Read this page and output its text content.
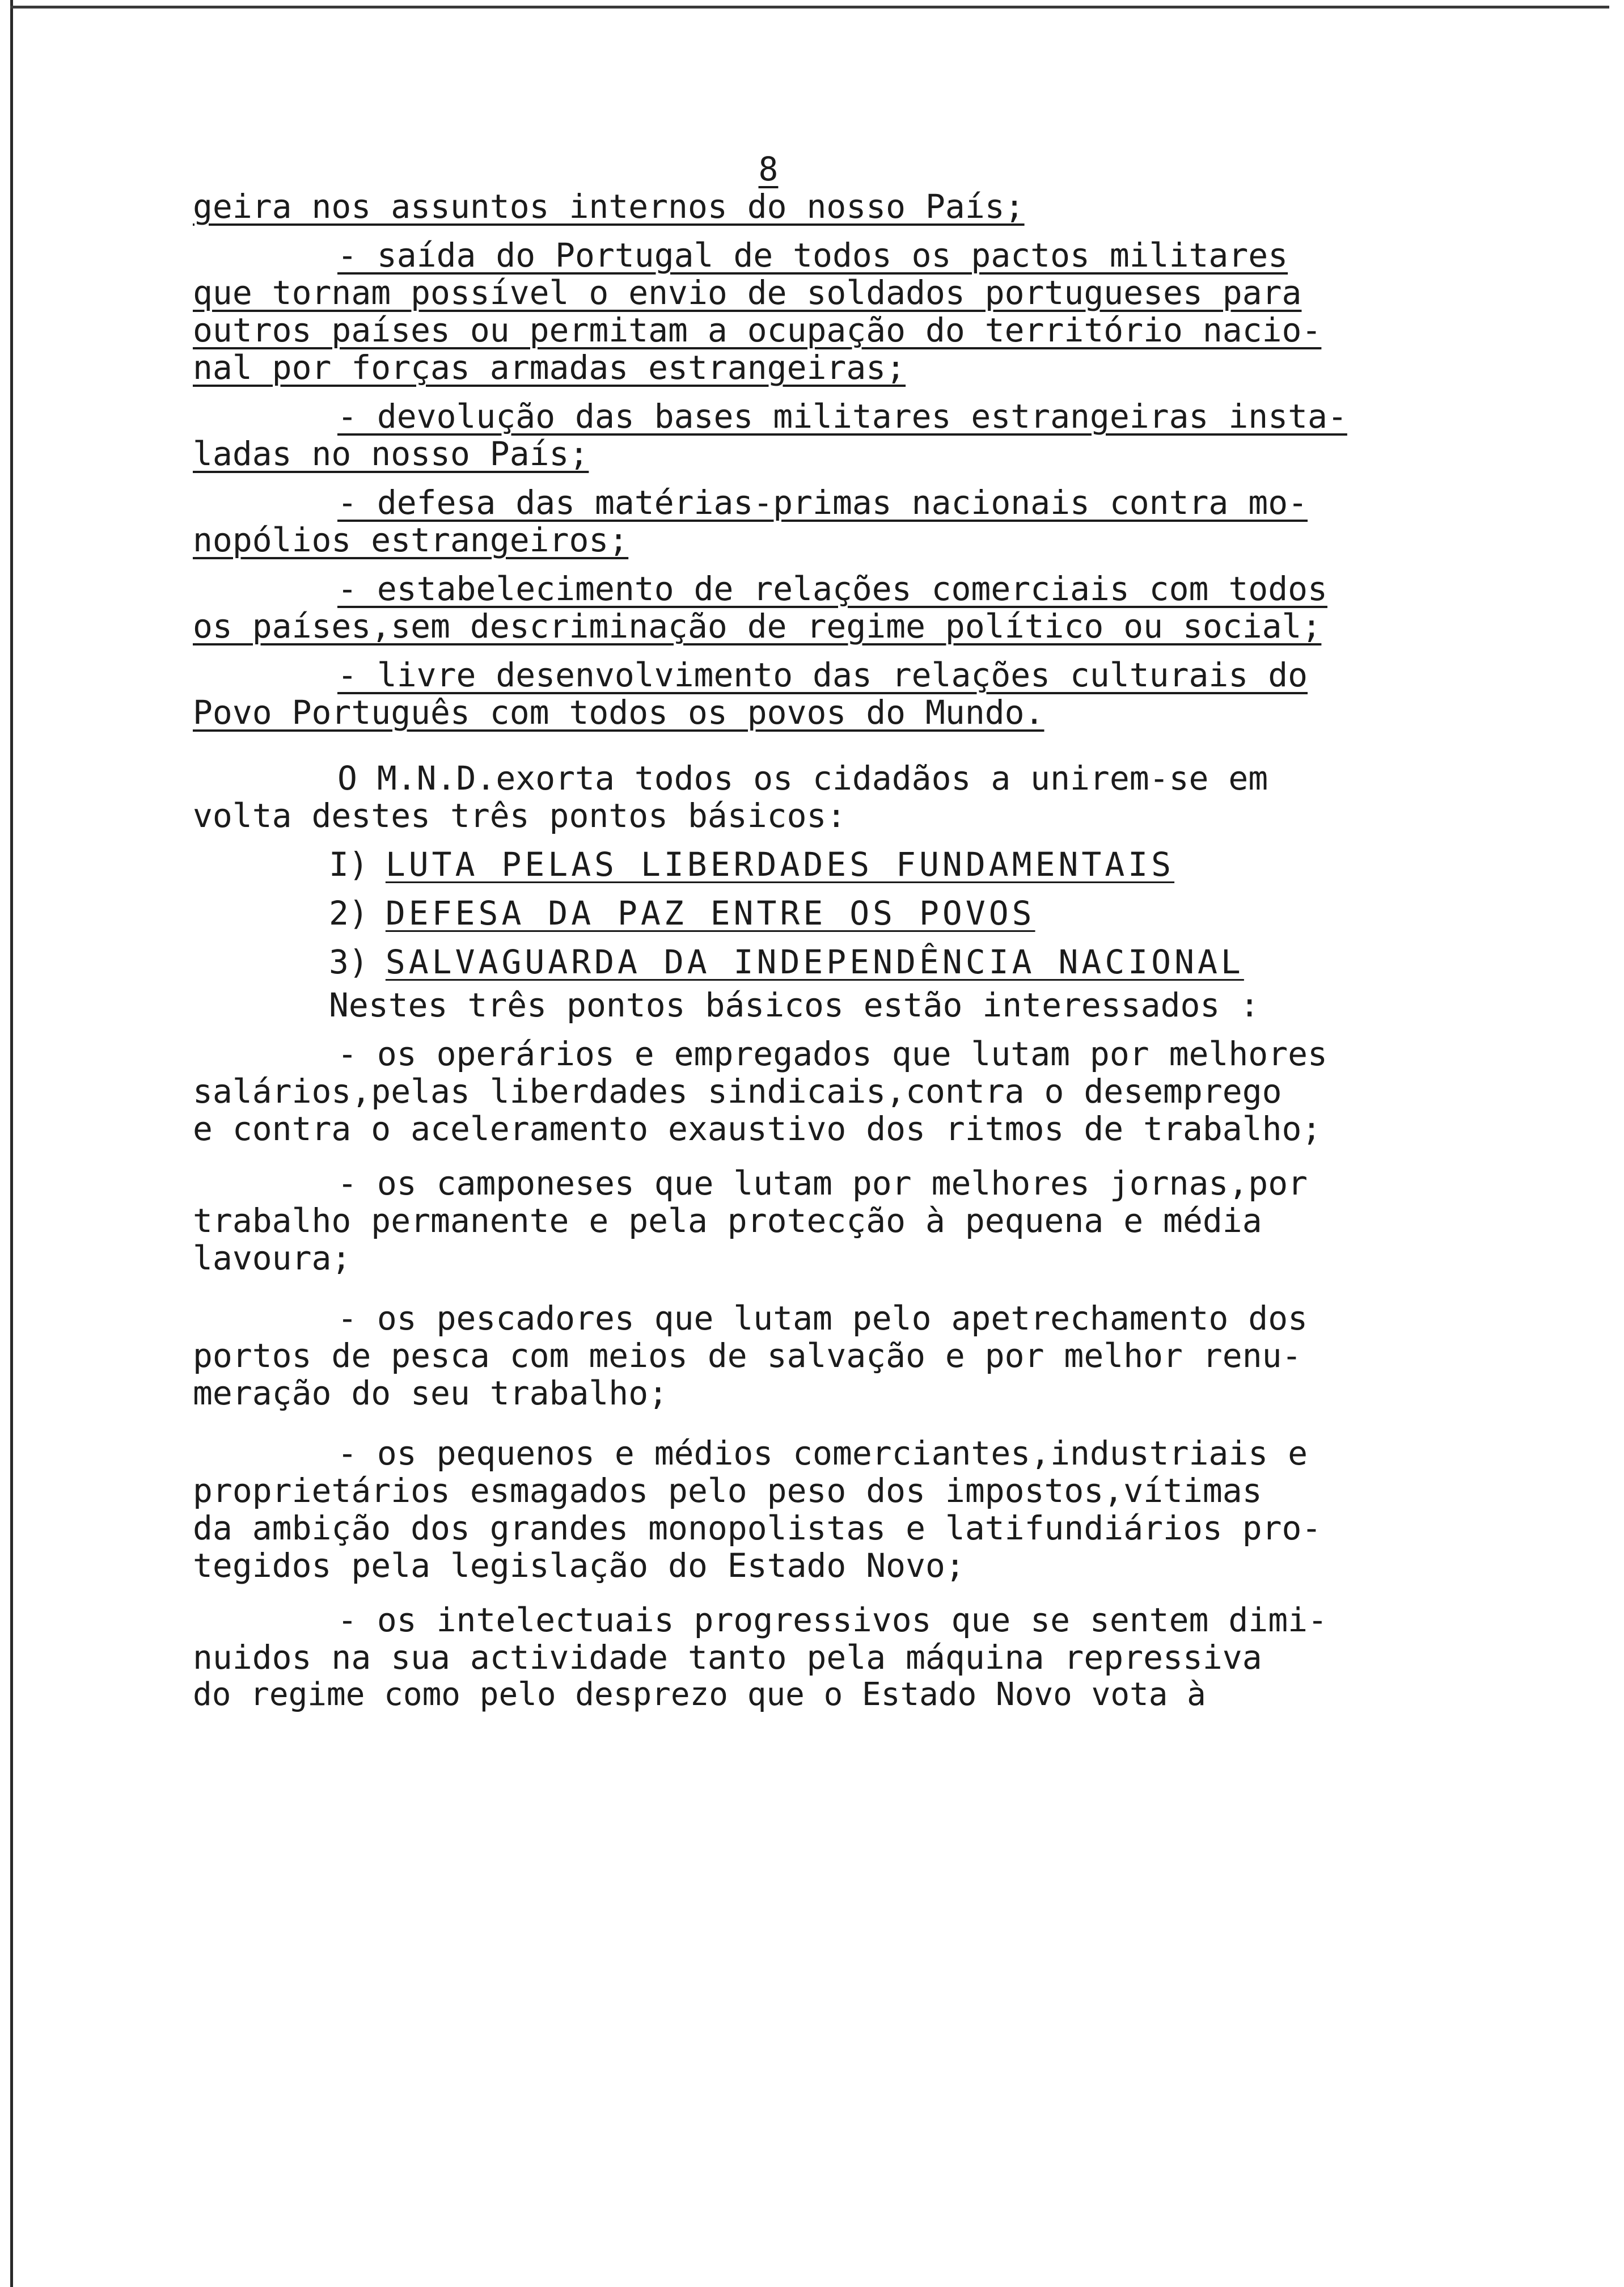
8
geira nos assuntos internos do nosso País;
- saída do Portugal de todos os pactos militares
que tornam possível o envio de soldados portugueses para
outros países ou permitam a ocupação do território nacio-
nal por forças armadas estrangeiras;
- devolução das bases militares estrangeiras insta-
ladas no nosso País;
- defesa das matérias-primas nacionais contra mo-
nopólios estrangeiros;
- estabelecimento de relações comerciais com todos
os países,sem descriminação de regime político ou social;
- livre desenvolvimento das relações culturais do
Povo Português com todos os povos do Mundo.
O M.N.D.exorta todos os cidadãos a unirem-se em
volta destes três pontos básicos:
I) LUTA PELAS LIBERDADES FUNDAMENTAIS
2) DEFESA DA PAZ ENTRE OS POVOS
3) SALVAGUARDA DA INDEPENDÊNCIA NACIONAL
Nestes três pontos básicos estão interessados :
- os operários e empregados que lutam por melhores
salários,pelas liberdades sindicais,contra o desemprego
e contra o aceleramento exaustivo dos ritmos de trabalho;
- os camponeses que lutam por melhores jornas,por
trabalho permanente e pela protecção à pequena e média
lavoura;
- os pescadores que lutam pelo apetrechamento dos
portos de pesca com meios de salvação e por melhor renu-
meração do seu trabalho;
- os pequenos e médios comerciantes,industriais e
proprietários esmagados pelo peso dos impostos,vítimas
da ambição dos grandes monopolistas e latifundiários pro-
tegidos pela legislação do Estado Novo;
- os intelectuais progressivos que se sentem dimi-
nuidos na sua actividade tanto pela máquina repressiva
do regime como pelo desprezo que o Estado Novo vota à
